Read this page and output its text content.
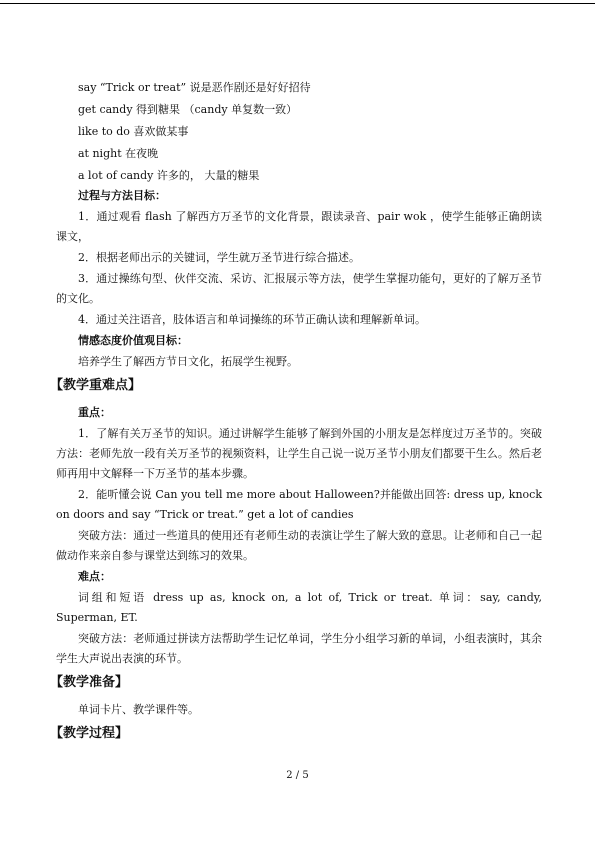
say “Trick or treat” 说是恶作剧还是好好招待
get candy 得到糖果 （candy 单复数一致）
like to do 喜欢做某事
at night 在夜晚
a lot of candy 许多的， 大量的糖果
过程与方法目标：
1．通过观看 flash 了解西方万圣节的文化背景，跟读录音、pair wok ，使学生能够正确朗读课文，
2．根据老师出示的关键词，学生就万圣节进行综合描述。
3．通过操练句型、伙伴交流、采访、汇报展示等方法，使学生掌握功能句，更好的了解万圣节的文化。
4．通过关注语音，肢体语言和单词操练的环节正确认读和理解新单词。
情感态度价值观目标：
培养学生了解西方节日文化，拓展学生视野。
【教学重难点】
重点：
1．了解有关万圣节的知识。通过讲解学生能够了解到外国的小朋友是怎样度过万圣节的。突破方法：老师先放一段有关万圣节的视频资料，让学生自己说一说万圣节小朋友们都要干生么。然后老师再用中文解释一下万圣节的基本步骤。
2．能听懂会说 Can you tell me more about Halloween?并能做出回答: dress up, knock on doors and say “Trick or treat.” get a lot of candies
突破方法：通过一些道具的使用还有老师生动的表演让学生了解大致的意思。让老师和自己一起做动作来亲自参与课堂达到练习的效果。
难点：
词组和短语 dress up as, knock on, a lot of, Trick or treat. 单词：say, candy, Superman, ET.
突破方法：老师通过拼读方法帮助学生记忆单词，学生分小组学习新的单词，小组表演时，其余学生大声说出表演的环节。
【教学准备】
单词卡片、教学课件等。
【教学过程】
2 / 5
